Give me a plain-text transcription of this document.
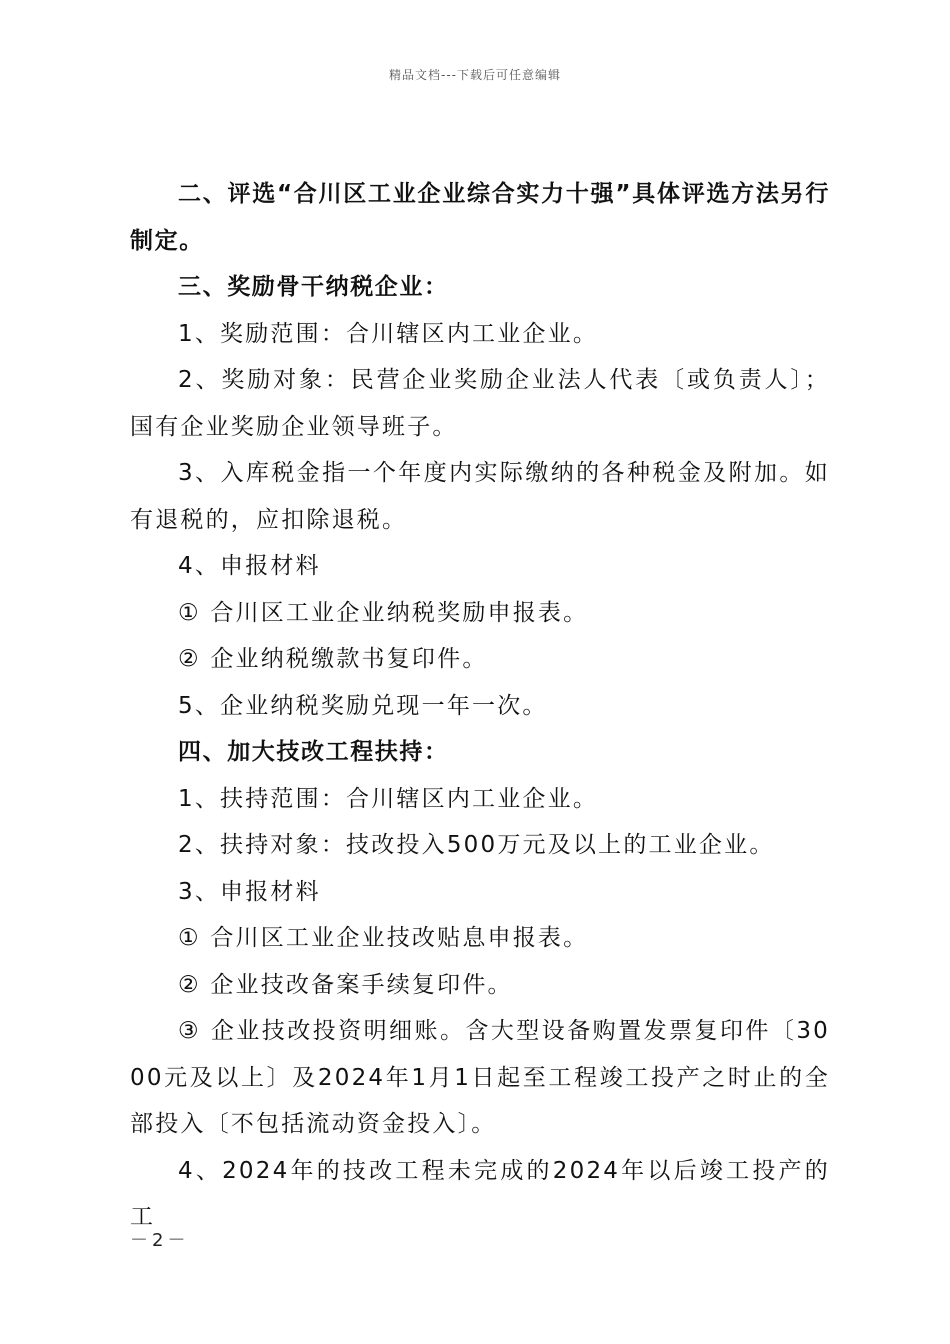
精品文档---下载后可任意编辑

二、评选“合川区工业企业综合实力十强”具体评选方法另行制定。

三、奖励骨干纳税企业：

1、奖励范围：合川辖区内工业企业。

2、奖励对象：民营企业奖励企业法人代表〔或负责人〕；国有企业奖励企业领导班子。

3、入库税金指一个年度内实际缴纳的各种税金及附加。如有退税的，应扣除退税。

4、申报材料

① 合川区工业企业纳税奖励申报表。

② 企业纳税缴款书复印件。

5、企业纳税奖励兑现一年一次。

四、加大技改工程扶持：

1、扶持范围：合川辖区内工业企业。

2、扶持对象：技改投入500万元及以上的工业企业。

3、申报材料

① 合川区工业企业技改贴息申报表。

② 企业技改备案手续复印件。

③ 企业技改投资明细账。含大型设备购置发票复印件〔3000元及以上〕及2024年1月1日起至工程竣工投产之时止的全部投入〔不包括流动资金投入〕。

4、2024年的技改工程未完成的2024年以后竣工投产的工

－2－
